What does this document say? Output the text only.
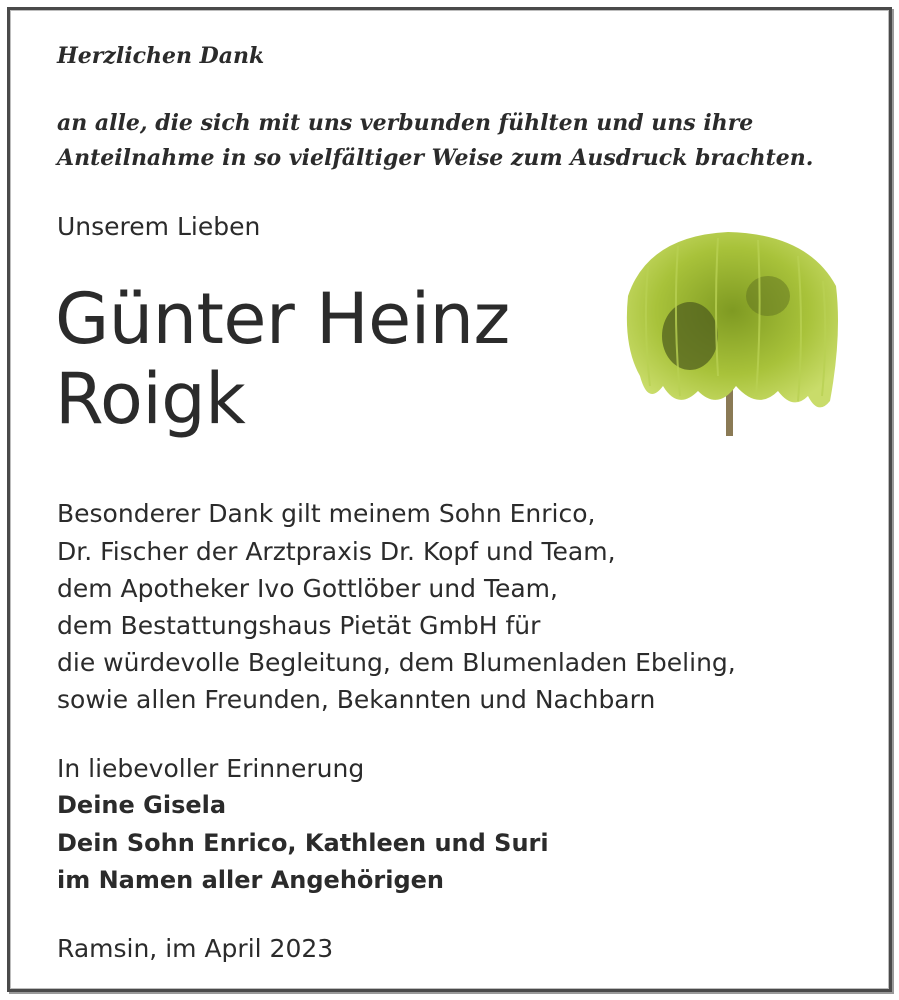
Herzlichen Dank

an alle, die sich mit uns verbunden fühlten und uns ihre

Anteilnahme in so vielfältiger Weise zum Ausdruck brachten.

Unserem Lieben

Günter Heinz

Roigk

Besonderer Dank gilt meinem Sohn Enrico,

Dr. Fischer der Arztpraxis Dr. Kopf und Team,

dem Apotheker Ivo Gottlöber und Team,

dem Bestattungshaus Pietät GmbH für

die würdevolle Begleitung, dem Blumenladen Ebeling,

sowie allen Freunden, Bekannten und Nachbarn

In liebevoller Erinnerung

Deine Gisela

Dein Sohn Enrico, Kathleen und Suri

im Namen aller Angehörigen

Ramsin, im April 2023
